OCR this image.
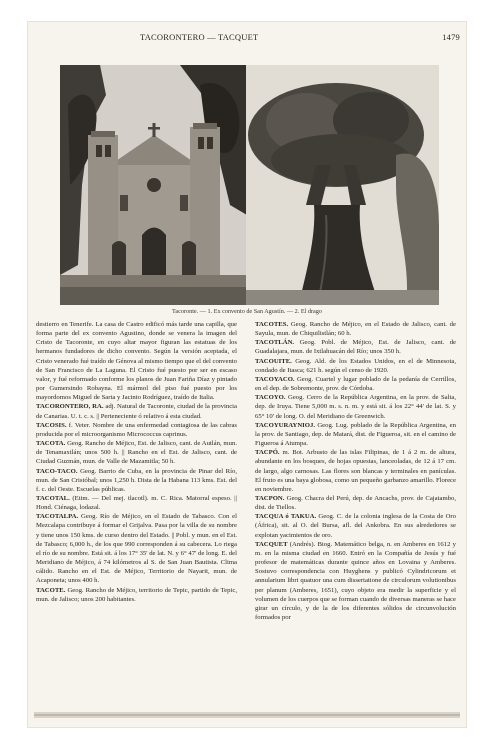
TACORONTERO — TACQUET	1479
Tacoronte. — 1. Ex convento de San Agustín. — 2. El drago

destierro en Tenerife. La casa de Castro edificó más tarde una capilla, que forma parte del ex convento Agustino, donde se venera la imagen del Cristo de Tacoronte, en cuyo altar mayor figuran las estatuas de los hermanos fundadores de dicho convento. Según la versión aceptada, el Cristo venerado fué traído de Génova al mismo tiempo que el del convento de San Francisco de La Laguna. El Cristo fué puesto por ser en escaso valor, y fué reformado conforme los planos de Juan Fariña Díaz y pintado por Gumersindo Robayna. El mármol del piso fué puesto por los mayordomos Miguel de Sarta y Jacinto Rodríguez, traído de Italia.

TACORONTERO, RA. adj. Natural de Tacoronte, ciudad de la provincia de Canarias. U. t. c. s. || Perteneciente ó relativo á esta ciudad.

TACOSIS. f. Veter. Nombre de una enfermedad contagiosa de las cabras producida por el microorganismo Micrococcus caprinus.

TACOTA. Geog. Rancho de Méjico, Est. de Jalisco, cant. de Autlán, mun. de Tenamaxtlán; unos 500 h. || Rancho en el Est. de Jalisco, cant. de Ciudad Guzmán, mun. de Valle de Mazamitla; 50 h.

TACO-TACO. Geog. Barrio de Cuba, en la provincia de Pinar del Río, mun. de San Cristóbal; unos 1,250 h. Dista de la Habana 113 kms. Est. del f. c. del Oeste. Escuelas públicas.

TACOTAL. (Etim. — Del mej. tlacotl). m. C. Rica. Matorral espeso. || Hond. Ciénaga, lodazal.

TACOTALPA. Geog. Río de Méjico, en el Estado de Tabasco. Con el Mezcalapa contribuye á formar el Grijalva. Pasa por la villa de su nombre y tiene unos 150 kms. de curso dentro del Estado. || Pobl. y mun. en el Est. de Tabasco; 6,000 h., de los que 990 corresponden á su cabecera. Lo riega el río de su nombre. Está sit. á los 17° 35' de lat. N. y 6° 47' de long. E. del Meridiano de Méjico, á 74 kilómetros al S. de San Juan Bautista. Clima cálido. Rancho en el Est. de Méjico, Territorio de Nayarit, mun. de Acaponeta; unos 400 h.

TACOTE. Geog. Rancho de Méjico, territorio de Tepic, partido de Tepic, mun. de Jalisco; unos 200 habitantes.

TACOTES. Geog. Rancho de Méjico, en el Estado de Jalisco, cant. de Sayula, mun. de Chiquilistlán; 60 h.

TACOTLÁN. Geog. Pobl. de Méjico, Est. de Jalisco, cant. de Guadalajara, mun. de Ixtlahuacán del Río; unos 350 h.

TACOUITE. Geog. Ald. de los Estados Unidos, en el de Minnesota, condado de Itasca; 621 h. según el censo de 1920.

TACOYACO. Geog. Cuartel y lugar poblado de la pedanía de Cerrillos, en el dep. de Sobremonte, prov. de Córdoba.

TACOYO. Geog. Cerro de la República Argentina, en la prov. de Salta, dep. de Iruya. Tiene 5,000 m. s. n. m. y está sit. á los 22° 44' de lat. S. y 65° 10' de long. O. del Meridiano de Greenwich.

TACOYURAYNIOJ. Geog. Lug. poblado de la República Argentina, en la prov. de Santiago, dep. de Matará, dist. de Figueroa, sit. en el camino de Figueroa á Atumpa.

TACPÓ. m. Bot. Arbusto de las islas Filipinas, de 1 á 2 m. de altura, abundante en los bosques, de hojas opuestas, lanceoladas, de 12 á 17 cm. de largo, algo carnosas. Las flores son blancas y terminales en panículas. El fruto es una baya globosa, como un pequeño garbanzo amarillo. Florece en noviembre.

TACPON. Geog. Chacra del Perú, dep. de Ancachs, prov. de Cajatambo, dist. de Tiellos.

TACQUA ó TAKUA. Geog. C. de la colonia inglesa de la Costa de Oro (África), sit. al O. del Bursa, afl. del Ankobra. En sus alrededores se explotan yacimientos de oro.

TACQUET (Andrés). Biog. Matemático belga, n. en Amberes en 1612 y m. en la misma ciudad en 1660. Entró en la Compañía de Jesús y fué profesor de matemáticas durante quince años en Lovaina y Amberes. Sostuvo correspondencia con Huyghens y publicó Cylindricorum et annularium libri quatuor una cum dissertatione de circulorum volutionibus per planum (Amberes, 1651), cuyo objeto era medir la superficie y el volumen de los cuerpos que se forman cuando de diversas maneras se hace girar un círculo, y de la de los diferentes sólidos de circunvolución formados por
